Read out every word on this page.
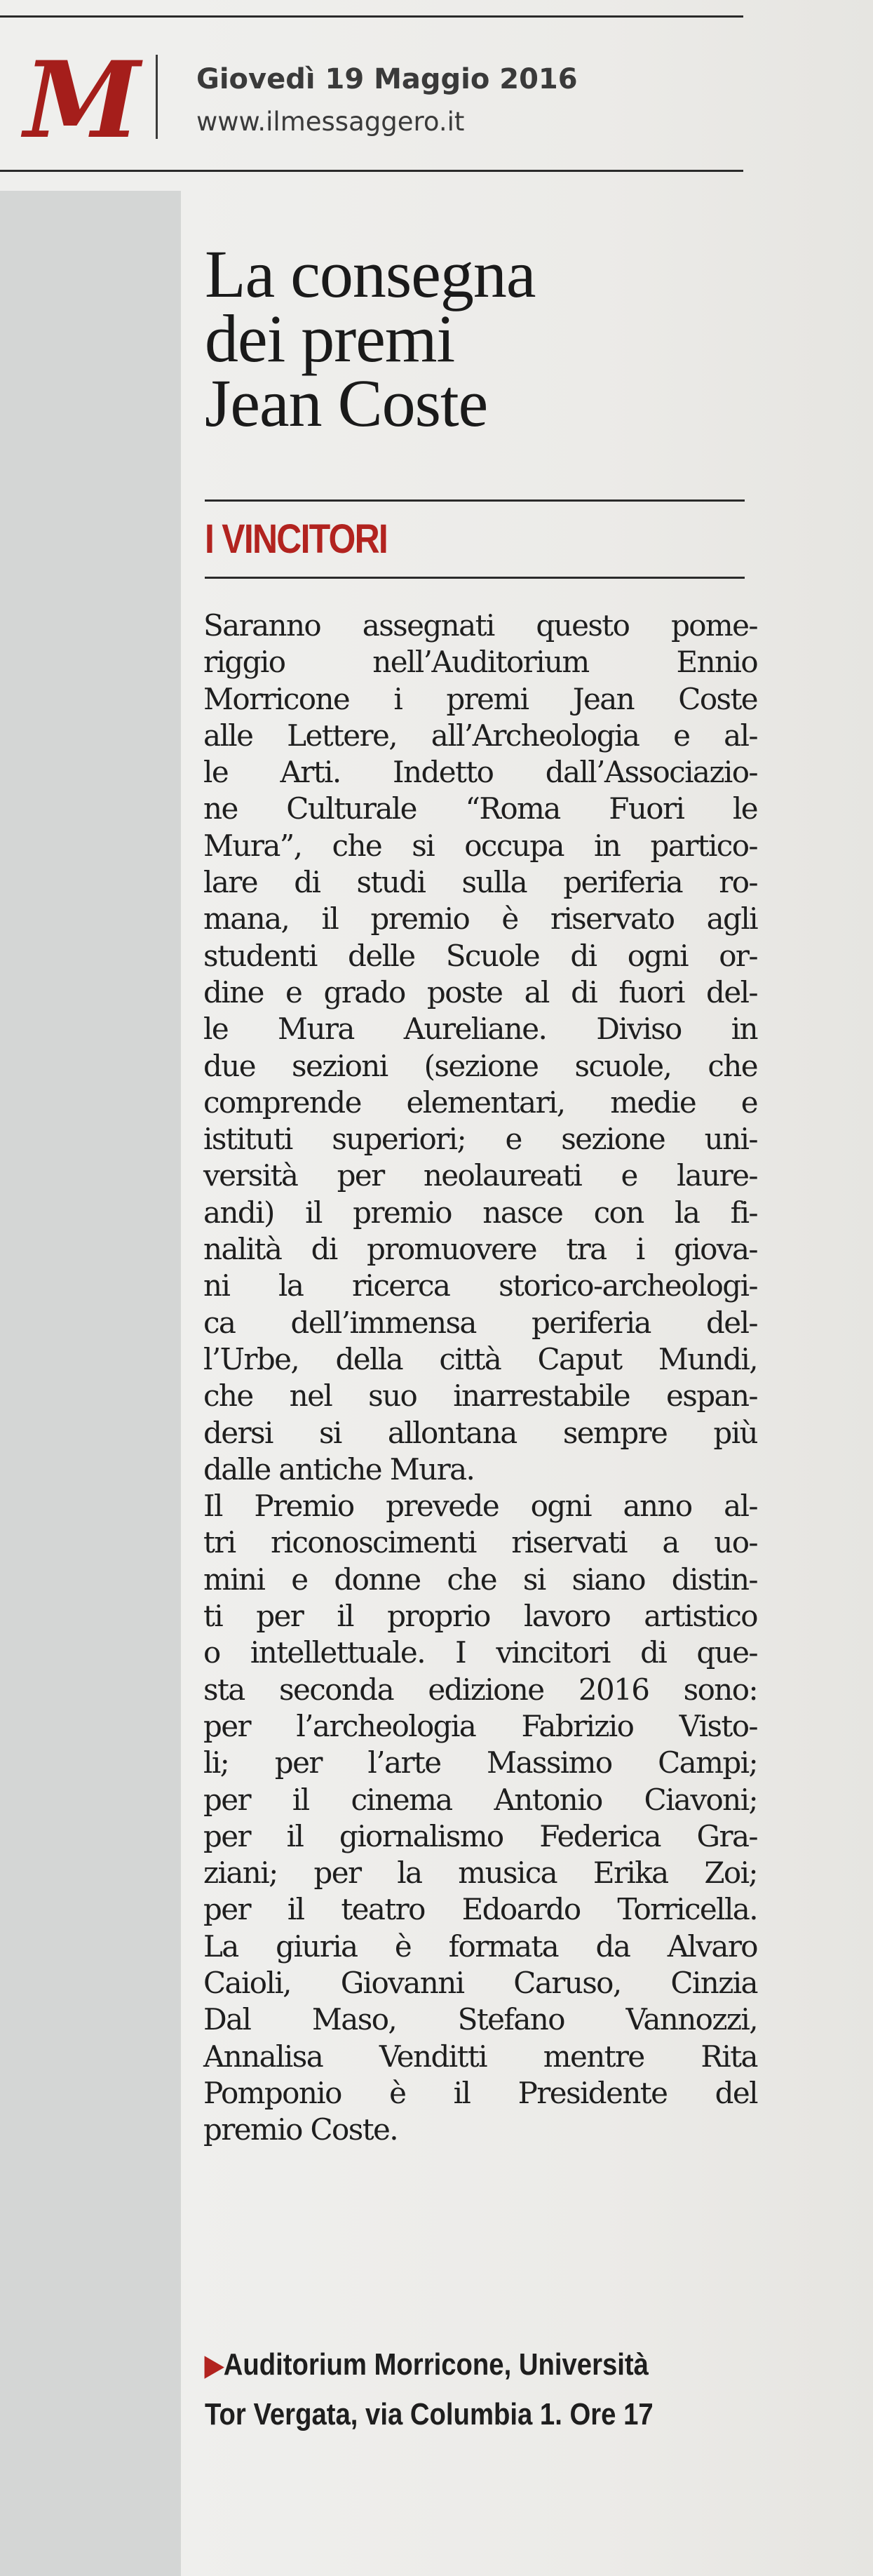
M Giovedì 19 Maggio 2016
www.ilmessaggero.it
La consegna
dei premi
Jean Coste
I VINCITORI
Saranno assegnati questo pome-
riggio nell’Auditorium Ennio
Morricone i premi Jean Coste
alle Lettere, all’Archeologia e al-
le Arti. Indetto dall’Associazio-
ne Culturale “Roma Fuori le
Mura”, che si occupa in partico-
lare di studi sulla periferia ro-
mana, il premio è riservato agli
studenti delle Scuole di ogni or-
dine e grado poste al di fuori del-
le Mura Aureliane. Diviso in
due sezioni (sezione scuole, che
comprende elementari, medie e
istituti superiori; e sezione uni-
versità per neolaureati e laure-
andi) il premio nasce con la fi-
nalità di promuovere tra i giova-
ni la ricerca storico-archeologi-
ca dell’immensa periferia del-
l’Urbe, della città Caput Mundi,
che nel suo inarrestabile espan-
dersi si allontana sempre più
dalle antiche Mura.
Il Premio prevede ogni anno al-
tri riconoscimenti riservati a uo-
mini e donne che si siano distin-
ti per il proprio lavoro artistico
o intellettuale. I vincitori di que-
sta seconda edizione 2016 sono:
per l’archeologia Fabrizio Visto-
li; per l’arte Massimo Campi;
per il cinema Antonio Ciavoni;
per il giornalismo Federica Gra-
ziani; per la musica Erika Zoi;
per il teatro Edoardo Torricella.
La giuria è formata da Alvaro
Caioli, Giovanni Caruso, Cinzia
Dal Maso, Stefano Vannozzi,
Annalisa Venditti mentre Rita
Pomponio è il Presidente del
premio Coste.
▶Auditorium Morricone, Università
Tor Vergata, via Columbia 1. Ore 17
